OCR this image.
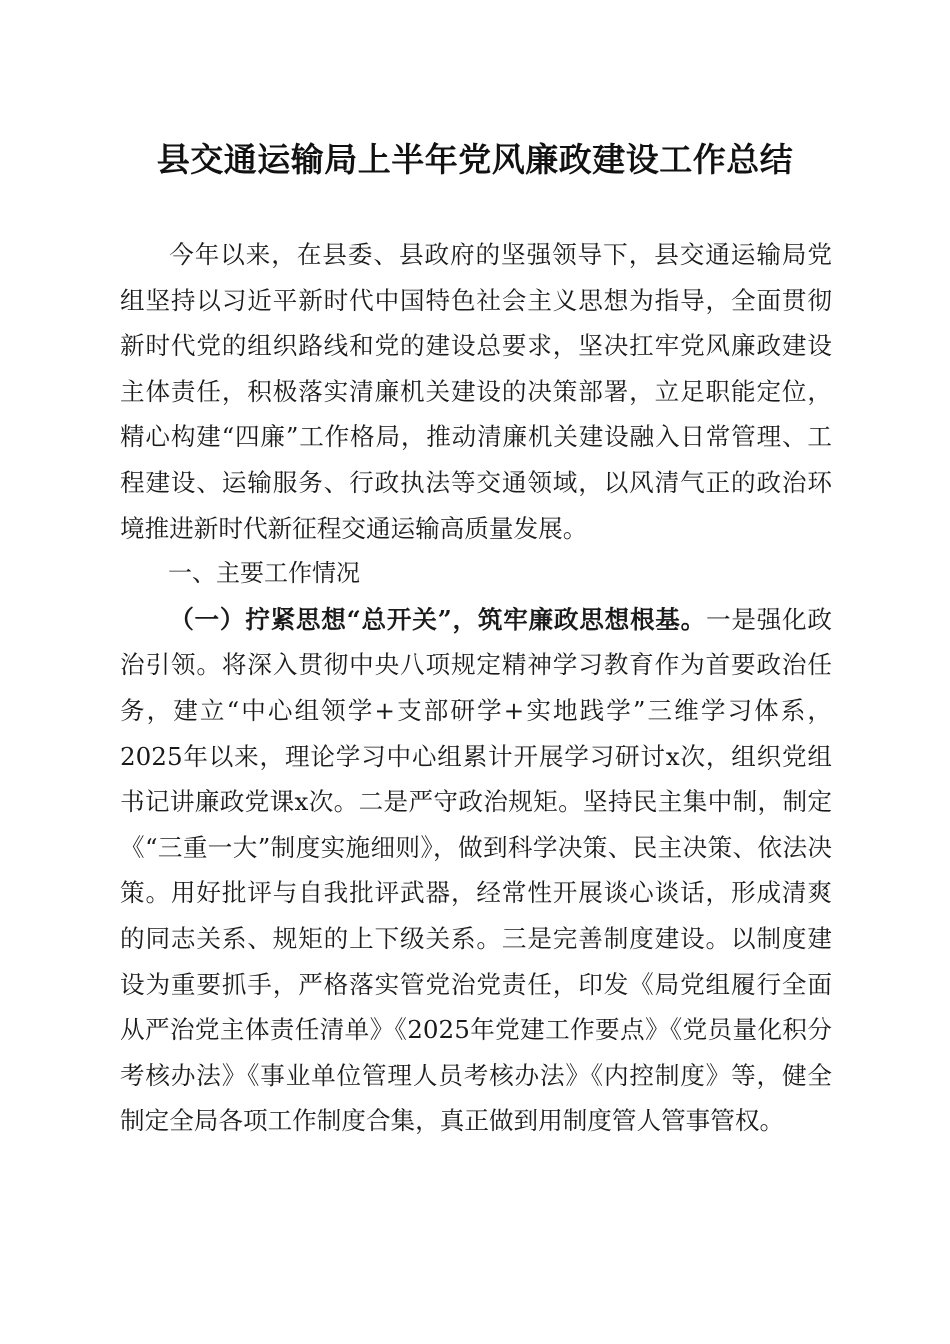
县交通运输局上半年党风廉政建设工作总结

今年以来，在县委、县政府的坚强领导下，县交通运输局党组坚持以习近平新时代中国特色社会主义思想为指导，全面贯彻新时代党的组织路线和党的建设总要求，坚决扛牢党风廉政建设主体责任，积极落实清廉机关建设的决策部署，立足职能定位，精心构建“四廉”工作格局，推动清廉机关建设融入日常管理、工程建设、运输服务、行政执法等交通领域，以风清气正的政治环境推进新时代新征程交通运输高质量发展。

一、主要工作情况

（一）拧紧思想“总开关”，筑牢廉政思想根基。一是强化政治引领。将深入贯彻中央八项规定精神学习教育作为首要政治任务，建立“中心组领学+支部研学+实地践学”三维学习体系，2025年以来，理论学习中心组累计开展学习研讨x次，组织党组书记讲廉政党课x次。二是严守政治规矩。坚持民主集中制，制定《“三重一大”制度实施细则》，做到科学决策、民主决策、依法决策。用好批评与自我批评武器，经常性开展谈心谈话，形成清爽的同志关系、规矩的上下级关系。三是完善制度建设。以制度建设为重要抓手，严格落实管党治党责任，印发《局党组履行全面从严治党主体责任清单》《2025年党建工作要点》《党员量化积分考核办法》《事业单位管理人员考核办法》《内控制度》等，健全制定全局各项工作制度合集，真正做到用制度管人管事管权。
